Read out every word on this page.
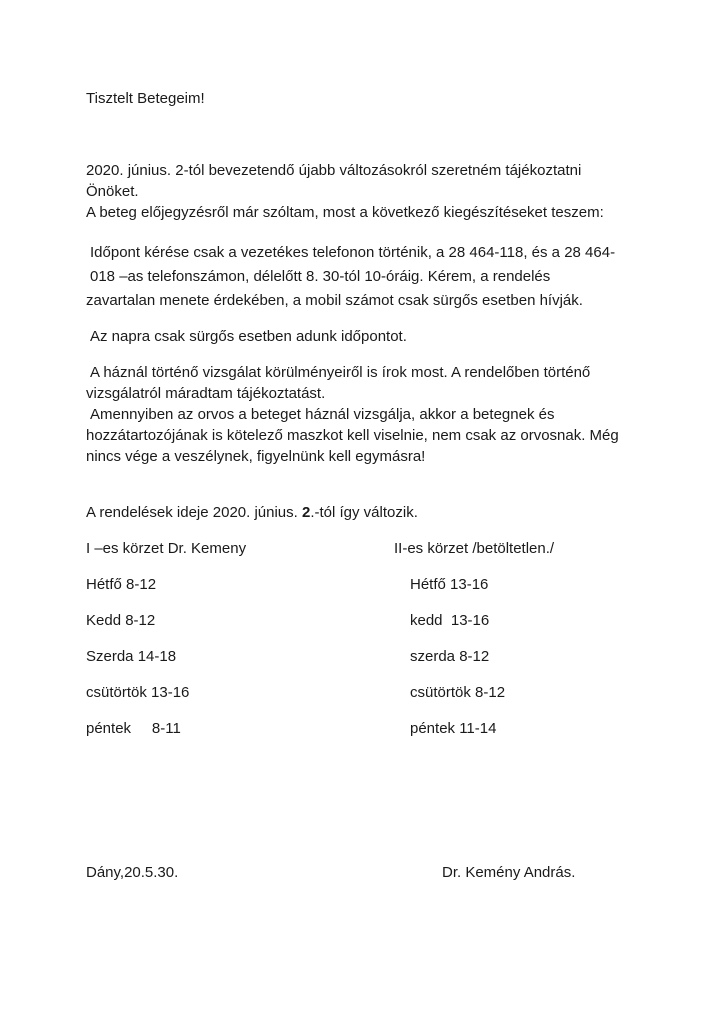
Tisztelt Betegeim!
2020. június. 2-tól bevezetendő újabb változásokról szeretném tájékoztatni
Önöket.
A beteg előjegyzésről már szóltam, most a következő kiegészítéseket teszem:
Időpont kérése csak a vezetékes telefonon történik, a 28 464-118, és a 28 464-
018 –as telefonszámon, délelőtt 8. 30-tól 10-óráig. Kérem, a rendelés
zavartalan menete érdekében, a mobil számot csak sürgős esetben hívják.
Az napra csak sürgős esetben adunk időpontot.
A háznál történő vizsgálat körülményeiről is írok most. A rendelőben történő
vizsgálatról máradtam tájékoztatást.
Amennyiben az orvos a beteget háznál vizsgálja, akkor a betegnek és
hozzátartozójának is kötelező maszkot kell viselnie, nem csak az orvosnak. Még
nincs vége a veszélynek, figyelnünk kell egymásra!
A rendelések ideje 2020. június. 2.-tól így változik.
I –es körzet Dr. Kemeny	II-es körzet /betöltetlen./
Hétfő 8-12
Kedd 8-12
Szerda 14-18
csütörtök 13-16
péntek     8-11
Hétfő 13-16
kedd  13-16
szerda 8-12
csütörtök 8-12
péntek 11-14
Dány,20.5.30.	Dr. Kemény András.
